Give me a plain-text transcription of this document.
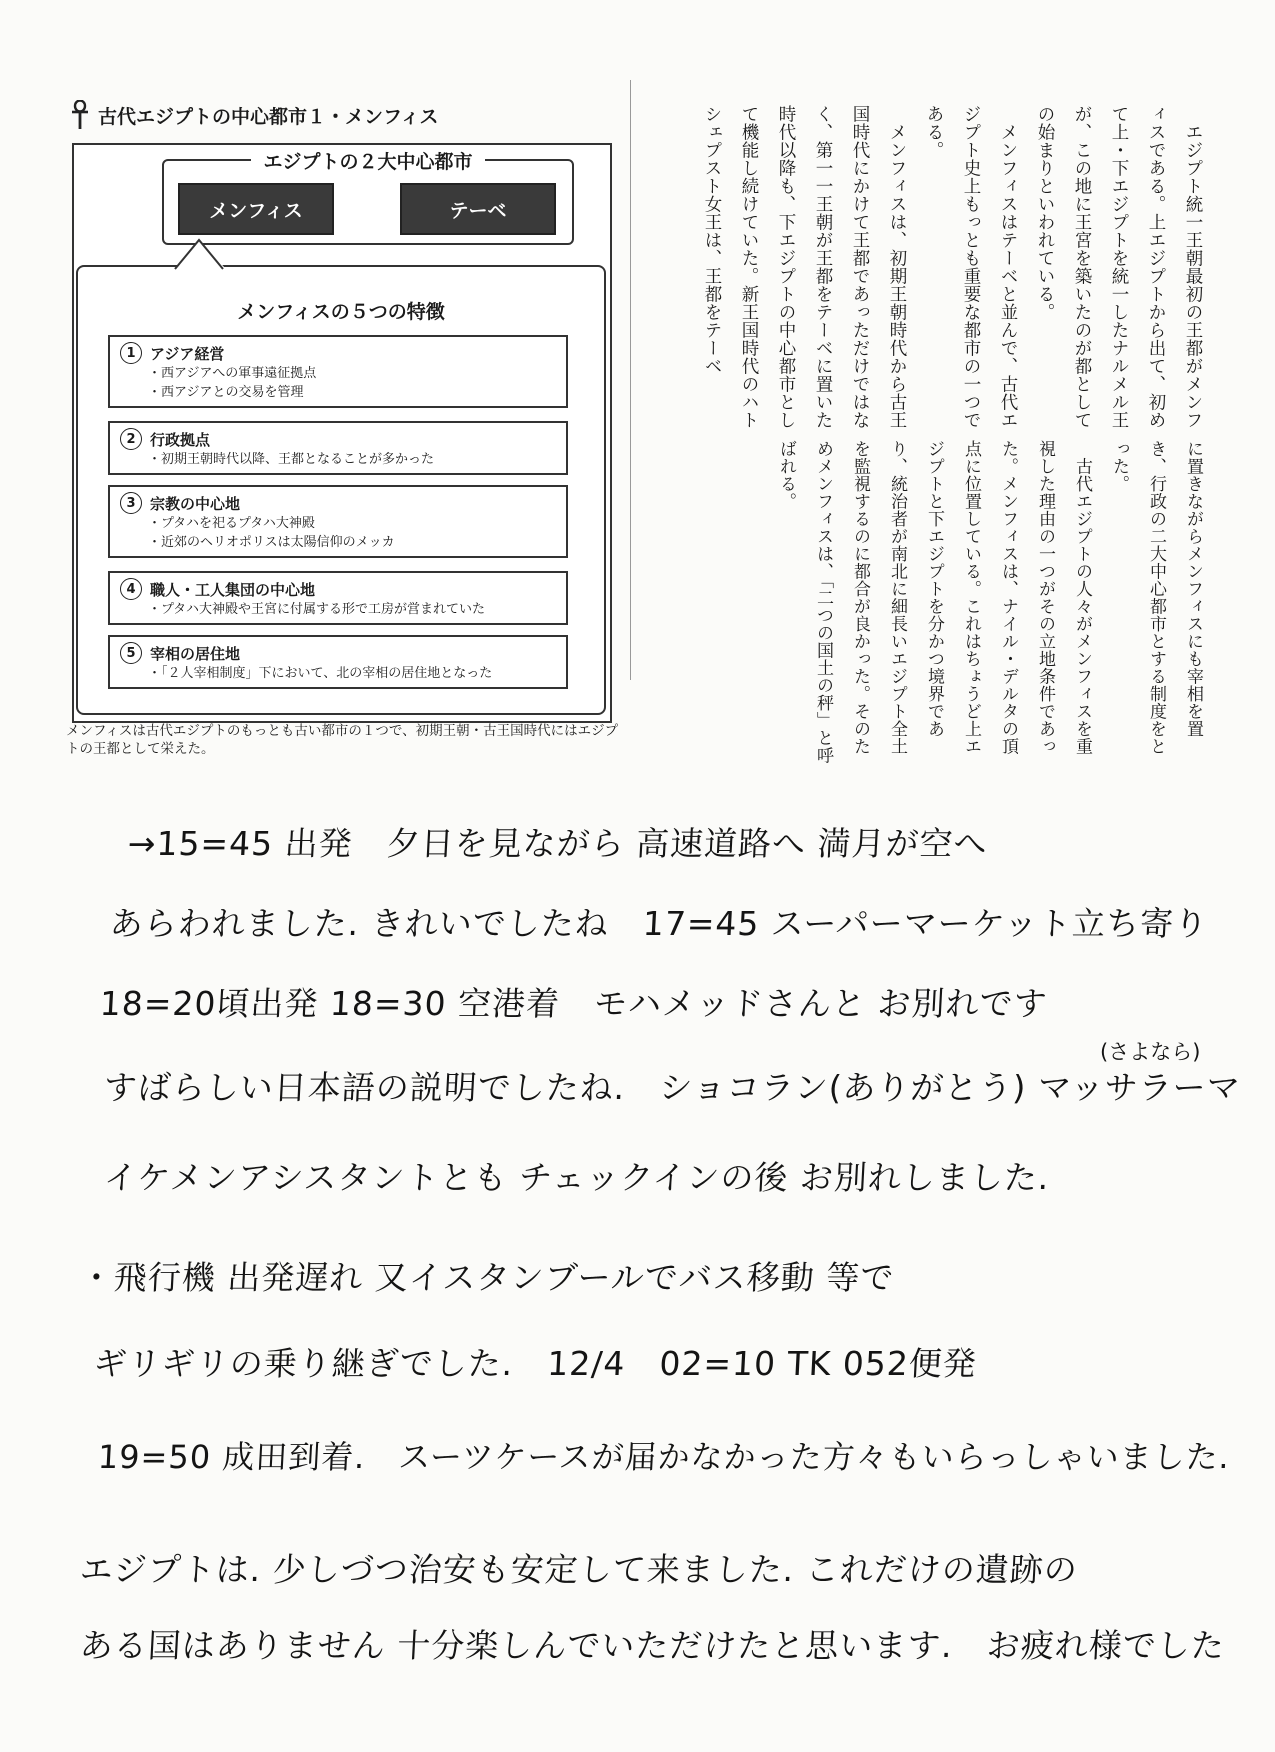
古代エジプトの中心都市１・メンフィス
エジプトの２大中心都市
メンフィス	テーベ
メンフィスの５つの特徴
1 アジア経営
・ 西アジアへの軍事遠征拠点
・ 西アジアとの交易を管理
2 行政拠点
・ 初期王朝時代以降、王都となることが多かった
3 宗教の中心地
・ プタハを祀るプタハ大神殿
・ 近郊のヘリオポリスは太陽信仰のメッカ
4 職人・工人集団の中心地
・ プタハ大神殿や王宮に付属する形で工房が営まれていた
5 宰相の居住地
・ 「２人宰相制度」下において、北の宰相の居住地となった
メンフィスは古代エジプトのもっとも古い都市の１つで、初期王朝・古王国時代にはエジプトの王都として栄えた。
　エジプト統一王朝最初の王都がメンフィスである。上エジプトから出て、初めて上・下エジプトを統一したナルメル王が、この地に王宮を築いたのが都としての始まりといわれている。
　メンフィスはテーベと並んで、古代エジプト史上もっとも重要な都市の一つである。
　メンフィスは、初期王朝時代から古王国時代にかけて王都であっただけではなく、第一一王朝が王都をテーベに置いた時代以降も、下エジプトの中心都市として機能し続けていた。新王国時代のハトシェプスト女王は、王都をテーベ
に置きながらメンフィスにも宰相を置き、行政の二大中心都市とする制度をとった。
　古代エジプトの人々がメンフィスを重視した理由の一つがその立地条件であった。メンフィスは、ナイル・デルタの頂点に位置している。これはちょうど上エジプトと下エジプトを分かつ境界であり、統治者が南北に細長いエジプト全土を監視するのに都合が良かった。そのためメンフィスは、「二つの国土の秤」と呼ばれる。
→15=45 出発　夕日を見ながら 高速道路へ 満月が空へ
あらわれました. きれいでしたね　17=45 スーパーマーケット立ち寄り
18=20頃出発 18=30 空港着　モハメッドさんと お別れです
(さよなら)
すばらしい日本語の説明でしたね.　ショコラン(ありがとう) マッサラーマ
イケメンアシスタントとも チェックインの後 お別れしました.
・飛行機 出発遅れ 又イスタンブールでバス移動 等で
ギリギリの乗り継ぎでした.　12/4　02=10 TK 052便発
19=50 成田到着.　スーツケースが届かなかった方々もいらっしゃいました.
エジプトは. 少しづつ治安も安定して来ました. これだけの遺跡の
ある国はありません 十分楽しんでいただけたと思います.　お疲れ様でした
